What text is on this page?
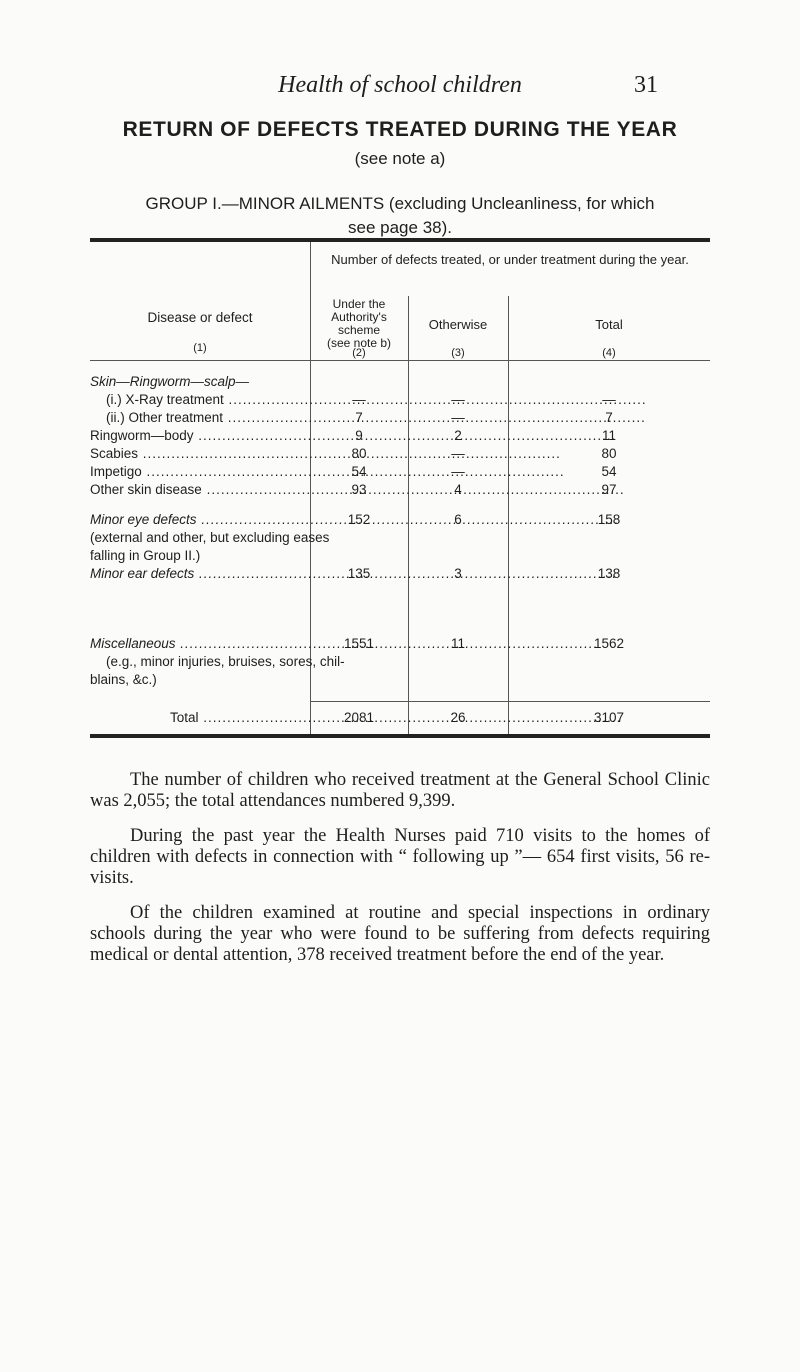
Health of school children	31
RETURN OF DEFECTS TREATED DURING THE YEAR
(see note a)
GROUP I.—MINOR AILMENTS (excluding Uncleanliness, for which
see page 38).
Number of defects treated, or under treatment during the year.
Disease or defect
(1)
Under the
Authority's
scheme
(see note b)
(2)
Otherwise
(3)
Total
(4)
Skin—Ringworm—scalp—
(i.) X-Ray treatment .....	—	—	—
(ii.) Other treatment .....	7	—	7
Ringworm—body .....	9	2	11
Scabies .....	80	—	80
Impetigo .....	54	—	54
Other skin disease .....	93	4	97
Minor eye defects .....	152	6	158
(external and other, but excluding eases
falling in Group II.)
Minor ear defects .....	135	3	138
Miscellaneous .....	1551	11	1562
(e.g., minor injuries, bruises, sores, chil-
blains, &c.)
Total .....	2081	26	3107

The number of children who received treatment at the General School Clinic was 2,055; the total attendances numbered 9,399.

During the past year the Health Nurses paid 710 visits to the homes of children with defects in connection with “ following up ”— 654 first visits, 56 re-visits.

Of the children examined at routine and special inspections in ordinary schools during the year who were found to be suffering from defects requiring medical or dental attention, 378 received treatment before the end of the year.
